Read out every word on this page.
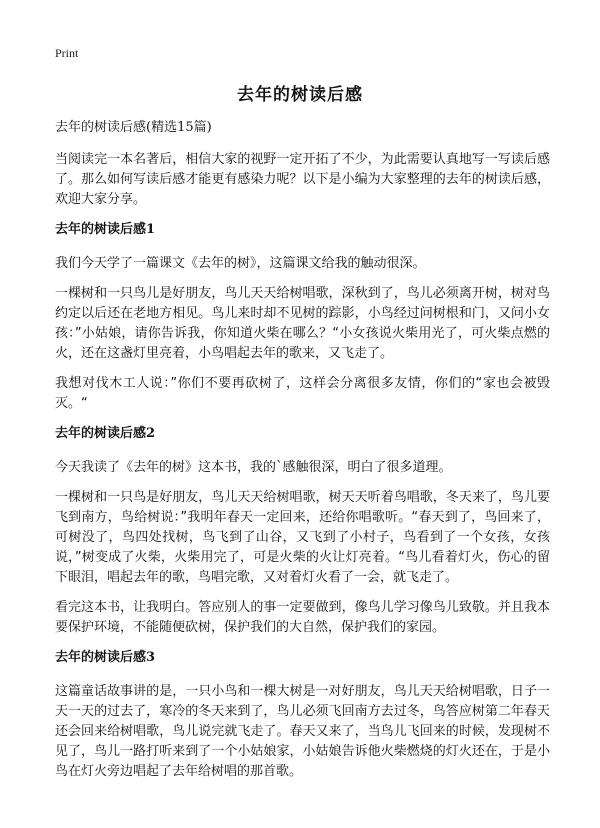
Print
去年的树读后感
去年的树读后感(精选15篇)

当阅读完一本名著后，相信大家的视野一定开拓了不少，为此需要认真地写一写读后感了。那么如何写读后感才能更有感染力呢？以下是小编为大家整理的去年的树读后感，欢迎大家分享。

去年的树读后感1

我们今天学了一篇课文《去年的树》，这篇课文给我的触动很深。

一棵树和一只鸟儿是好朋友，鸟儿天天给树唱歌，深秋到了，鸟儿必须离开树，树对鸟约定以后还在老地方相见。鸟儿来时却不见树的踪影，小鸟经过问树根和门，又问小女孩：”小姑娘，请你告诉我，你知道火柴在哪么？“小女孩说火柴用光了，可火柴点燃的火，还在这盏灯里亮着，小鸟唱起去年的歌来，又飞走了。

我想对伐木工人说：”你们不要再砍树了，这样会分离很多友情，你们的“家也会被毁灭。“

去年的树读后感2

今天我读了《去年的树》这本书，我的`感触很深，明白了很多道理。

一棵树和一只鸟是好朋友，鸟儿天天给树唱歌，树天天听着鸟唱歌，冬天来了，鸟儿要飞到南方，鸟给树说：”我明年春天一定回来，还给你唱歌听。“春天到了，鸟回来了，可树没了，鸟四处找树，鸟飞到了山谷，又飞到了小村子，鸟看到了一个女孩，女孩说，”树变成了火柴，火柴用完了，可是火柴的火让灯亮着。“鸟儿看着灯火，伤心的留下眼泪，唱起去年的歌，鸟唱完歌，又对着灯火看了一会，就飞走了。

看完这本书，让我明白。答应别人的事一定要做到，像鸟儿学习像鸟儿致敬。并且我本要保护环境，不能随便砍树，保护我们的大自然，保护我们的家园。

去年的树读后感3

这篇童话故事讲的是，一只小鸟和一棵大树是一对好朋友，鸟儿天天给树唱歌，日子一天一天的过去了，寒冷的冬天来到了，鸟儿必须飞回南方去过冬，鸟答应树第二年春天还会回来给树唱歌，鸟儿说完就飞走了。春天又来了，当鸟儿飞回来的时候，发现树不见了，鸟儿一路打听来到了一个小姑娘家，小姑娘告诉他火柴燃烧的灯火还在，于是小鸟在灯火旁边唱起了去年给树唱的那首歌。
